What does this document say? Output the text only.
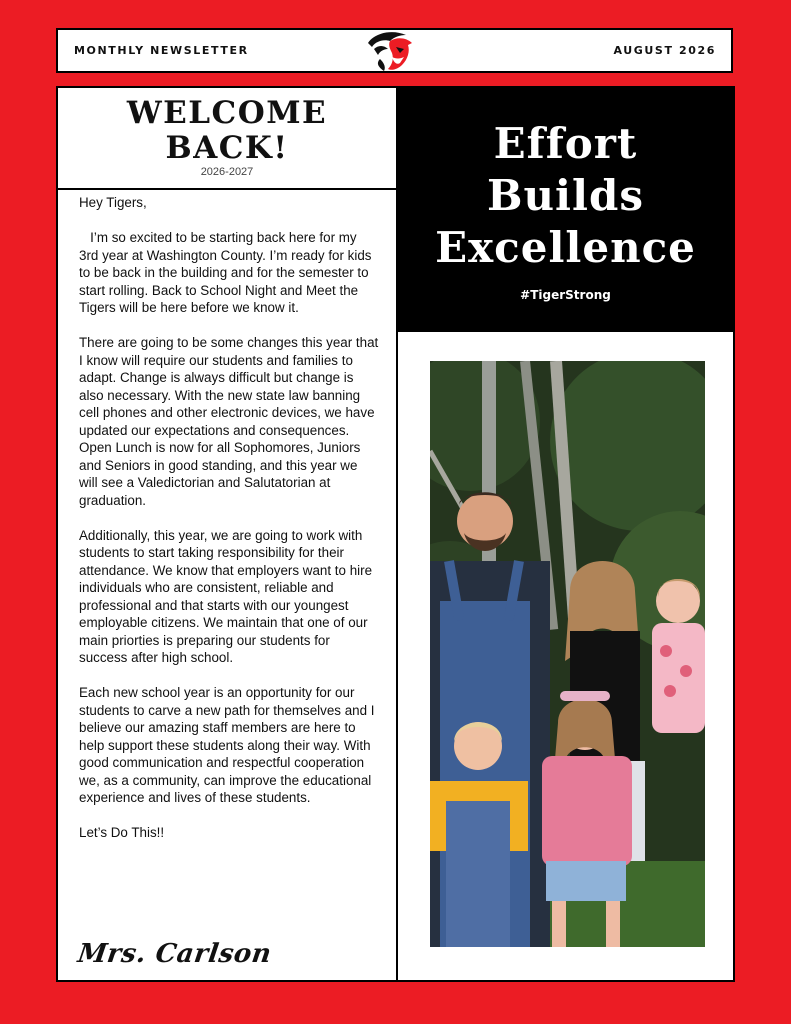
MONTHLY NEWSLETTER	AUGUST 2026
WELCOME
BACK!
2026-2027

Hey Tigers,

I’m so excited to be starting back here for my 3rd year at Washington County. I’m ready for kids to be back in the building and for the semester to start rolling. Back to School Night and Meet the Tigers will be here before we know it.

There are going to be some changes this year that I know will require our students and families to adapt. Change is always difficult but change is also necessary. With the new state law banning cell phones and other electronic devices, we have updated our expectations and consequences. Open Lunch is now for all Sophomores, Juniors and Seniors in good standing, and this year we will see a Valedictorian and Salutatorian at graduation.

Additionally, this year, we are going to work with students to start taking responsibility for their attendance. We know that employers want to hire individuals who are consistent, reliable and professional and that starts with our youngest employable citizens. We maintain that one of our main priorties is preparing our students for success after high school.

Each new school year is an opportunity for our students to carve a new path for themselves and I believe our amazing staff members are here to help support these students along their way. With good communication and respectful cooperation we, as a community, can improve the educational experience and lives of these students.

Let’s Do This!!

Mrs. Carlson
Effort
Builds
Excellence
#TigerStrong
